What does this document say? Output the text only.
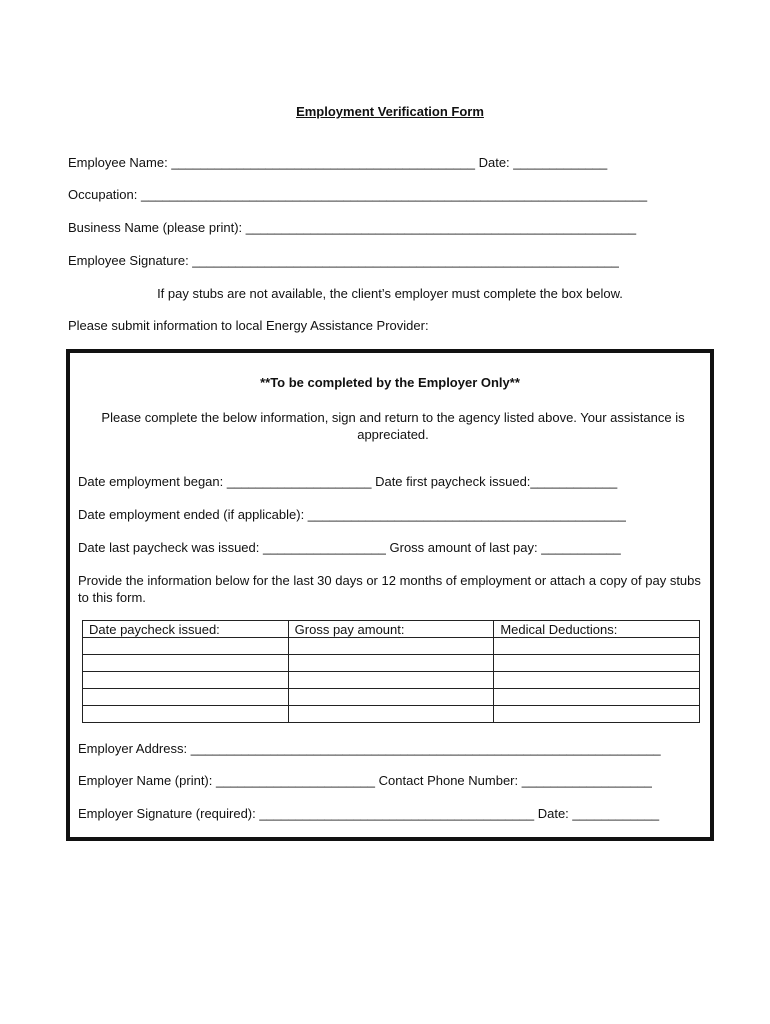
Employment Verification Form
Employee Name: __________________________________________ Date: _____________
Occupation: ______________________________________________________________________
Business Name (please print): ______________________________________________________
Employee Signature: ___________________________________________________________
If pay stubs are not available, the client’s employer must complete the box below.
Please submit information to local Energy Assistance Provider:
**To be completed by the Employer Only**
Please complete the below information, sign and return to the agency listed above. Your assistance is appreciated.
Date employment began: ____________________ Date first paycheck issued:____________
Date employment ended (if applicable): ____________________________________________
Date last paycheck was issued: _________________ Gross amount of last pay: ___________
Provide the information below for the last 30 days or 12 months of employment or attach a copy of pay stubs to this form.
Date paycheck issued:	Gross pay amount:	Medical Deductions:

Employer Address: _________________________________________________________________
Employer Name (print): ______________________ Contact Phone Number: __________________
Employer Signature (required): ______________________________________ Date: ____________
